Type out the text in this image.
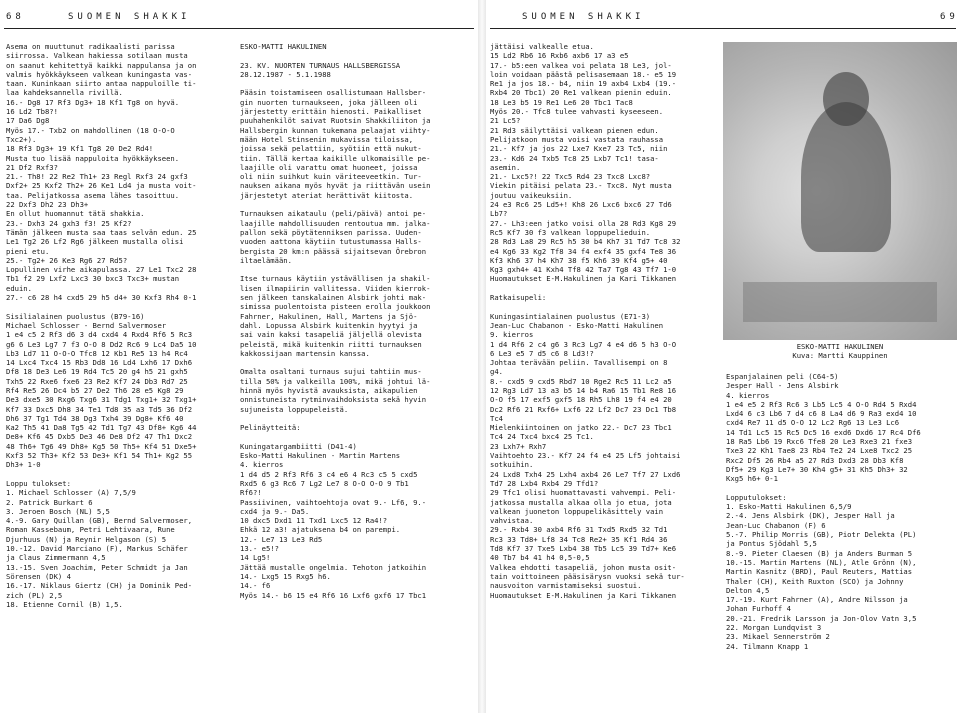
68	SUOMEN SHAKKI
Asema on muuttunut radikaalisti parissa
siirrossa. Valkean hakiessa sotilaan musta
on saanut kehitettyä kaikki nappulansa ja on
valmis hyökkäykseen valkean kuningasta vas-
taan. Kuninkaan siirto antaa nappuloille ti-
laa kahdeksannella rivillä.
16.- Dg8 17 Rf3 Dg3+ 18 Kf1 Tg8 on hyvä.
16 Ld2 Tb8?!
17 Da6 Dg8
Myös 17.- Txb2 on mahdollinen (18 O-O-O
Txc2+).
18 Rf3 Dg3+ 19 Kf1 Tg8 20 De2 Rd4!
Musta tuo lisää nappuloita hyökkäykseen.
21 Df2 Rxf3?
21.- Th8! 22 Re2 Th1+ 23 Regl Rxf3 24 gxf3
Dxf2+ 25 Kxf2 Th2+ 26 Ke1 Ld4 ja musta voit-
taa. Pelijatkossa asema lähes tasoittuu.
22 Dxf3 Dh2 23 Dh3+
En ollut huomannut tätä shakkia.
23.- Dxh3 24 gxh3 f3! 25 Kf2?
Tämän jälkeen musta saa taas selvän edun. 25
Le1 Tg2 26 Lf2 Rg6 jälkeen mustalla olisi
pieni etu.
25.- Tg2+ 26 Ke3 Rg6 27 Rd5?
Lopullinen virhe aikapulassa. 27 Le1 Txc2 28
Tb1 f2 29 Lxf2 Lxc3 30 bxc3 Txc3+ mustan
eduin.
27.- c6 28 h4 cxd5 29 h5 d4+ 30 Kxf3 Rh4 0-1
Sisilialainen puolustus (B79-16)
Michael Schlosser - Bernd Salvermoser
1 e4 c5 2 Rf3 d6 3 d4 cxd4 4 Rxd4 Rf6 5 Rc3
g6 6 Le3 Lg7 7 f3 O-O 8 Dd2 Rc6 9 Lc4 Da5 10
Lb3 Ld7 11 O-O-O Tfc8 12 Kb1 Re5 13 h4 Rc4
14 Lxc4 Txc4 15 Rb3 Dd8 16 Ld4 Lxh6 17 Dxh6
Df8 18 De3 Le6 19 Rd4 Tc5 20 g4 h5 21 gxh5
Txh5 22 Rxe6 fxe6 23 Re2 Kf7 24 Db3 Rd7 25
Rf4 Re5 26 Dc4 b5 27 De2 Th6 28 e5 Kg8 29
De3 dxe5 30 Rxg6 Txg6 31 Tdg1 Txg1+ 32 Txg1+
Kf7 33 Dxc5 Dh8 34 Te1 Td8 35 a3 Td5 36 Df2
Dh6 37 Tg1 Td4 38 Dg3 Txh4 39 Dg8+ Kf6 40
Ka2 Th5 41 Da8 Tg5 42 Td1 Tg7 43 Df8+ Kg6 44
De8+ Kf6 45 Dxb5 De3 46 De8 Df2 47 Th1 Dxc2
48 Th6+ Tg6 49 Dh8+ Kg5 50 Th5+ Kf4 51 Dxe5+
Kxf3 52 Th3+ Kf2 53 De3+ Kf1 54 Th1+ Kg2 55
Dh3+ 1-0
Loppu tulokset:
1. Michael Schlosser (A) 7,5/9
2. Patrick Burkart 6
3. Jeroen Bosch (NL) 5,5
4.-9. Gary Quillan (GB), Bernd Salvermoser,
Roman Kassebaum, Petri Lehtivaara, Rune
Djurhuus (N) ja Reynir Helgason (S) 5
10.-12. David Marciano (F), Markus Schäfer
ja Claus Zimmermann 4,5
13.-15. Sven Joachim, Peter Schmidt ja Jan
Sörensen (DK) 4
16.-17. Niklaus Giertz (CH) ja Dominik Ped-
zich (PL) 2,5
18. Etienne Cornil (B) 1,5.
ESKO-MATTI HAKULINEN
23. KV. NUORTEN TURNAUS HALLSBERGISSA
28.12.1987 - 5.1.1988
Pääsin toistamiseen osallistumaan Hallsber-
gin nuorten turnaukseen, joka jälleen oli
järjestetty erittäin hienosti. Paikalliset
puuhahenkilöt saivat Ruotsin Shakkiliiton ja
Hallsbergin kunnan tukemana pelaajat viihty-
mään Hotel Stinsenin mukavissa tiloissa,
joissa sekä pelattiin, syötiin että nukut-
tiin. Tällä kertaa kaikille ulkomaisille pe-
laajille oli varattu omat huoneet, joissa
oli niin suihkut kuin väriteeveetkin. Tur-
nauksen aikana myös hyvät ja riittävän usein
järjestetyt ateriat herättivät kiitosta.
Turnauksen aikataulu (peli/päivä) antoi pe-
laajille mahdollisuuden rentoutua mm. jalka-
pallon sekä pöytätenniksen parissa. Uuden-
vuoden aattona käytiin tutustumassa Halls-
bergista 20 km:n päässä sijaitsevan Örebron
iltaelämään.
Itse turnaus käytiin ystävällisen ja shakil-
lisen ilmapiirin vallitessa. Viiden kierrok-
sen jälkeen tanskalainen Alsbirk johti mak-
simissa puolentoista pisteen erolla joukkoon
Fahrner, Hakulinen, Hall, Martens ja Sjö-
dahl. Lopussa Alsbirk kuitenkin hyytyi ja
sai vain kaksi tasapeliä jäljellä olevista
peleistä, mikä kuitenkin riitti turnauksen
kakkossijaan martensin kanssa.
Omalta osaltani turnaus sujui tahtiin mus-
tilla 50% ja valkeilla 100%, mikä johtui lä-
hinnä myös hyvistä avauksista, aikapulien
onnistuneista rytminvaihdoksista sekä hyvin
sujuneista loppupeleistä.
Pelinäytteitä:
Kuningatargambiitti (D41-4)
Esko-Matti Hakulinen - Martin Martens
4. kierros
1 d4 d5 2 Rf3 Rf6 3 c4 e6 4 Rc3 c5 5 cxd5
Rxd5 6 g3 Rc6 7 Lg2 Le7 8 O-O O-O 9 Tb1
Rf6?!
Passiivinen, vaihtoehtoja ovat 9.- Lf6, 9.-
cxd4 ja 9.- Da5.
10 dxc5 Dxd1 11 Txd1 Lxc5 12 Ra4!?
Ehkä 12 a3! ajatuksena b4 on parempi.
12.- Le7 13 Le3 Rd5
13.- e5!?
14 Lg5!
Jättää mustalle ongelmia. Tehoton jatkoihin
14.- Lxg5 15 Rxg5 h6.
14.- f6
Myös 14.- b6 15 e4 Rf6 16 Lxf6 gxf6 17 Tbc1
SUOMEN SHAKKI	69
jättäisi valkealle etua.
15 Ld2 Rb6 16 Rxb6 axb6 17 a3 e5
17.- b5:een valkea voi pelata 18 Le3, jol-
loin voidaan päästä pelisasemaan 18.- e5 19
Re1 ja jos 18.- b4, niin 19 axb4 Lxb4 (19.-
Rxb4 20 Tbc1) 20 Re1 valkean pienin eduin.
18 Le3 b5 19 Re1 Le6 20 Tbc1 Tac8
Myös 20.- Tfc8 tulee vahvasti kyseeseen.
21 Lc5?
21 Rd3 säilyttäisi valkean pienen edun.
Pelijatkoon musta voisi vastata rauhassa
21.- Kf7 ja jos 22 Lxe7 Kxe7 23 Tc5, niin
23.- Kd6 24 Txb5 Tc8 25 Lxb7 Tc1! tasa-
asemin.
21.- Lxc5?! 22 Txc5 Rd4 23 Txc8 Lxc8?
Viekin pitäisi pelata 23.- Txc8. Nyt musta
joutuu vaikeuksiin.
24 e3 Rc6 25 Ld5+! Kh8 26 Lxc6 bxc6 27 Td6
Lb7?
27.- Lh3:een jatko voisi olla 28 Rd3 Kg8 29
Rc5 Kf7 30 f3 valkean loppupelieduin.
28 Rd3 La8 29 Rc5 h5 30 b4 Kh7 31 Td7 Tc8 32
e4 Kg6 33 Kg2 Tf8 34 f4 exf4 35 gxf4 Te8 36
Kf3 Kh6 37 h4 Kh7 38 f5 Kh6 39 Kf4 g5+ 40
Kg3 gxh4+ 41 Kxh4 Tf8 42 Ta7 Tg8 43 Tf7 1-0
Huomautukset E-M.Hakulinen ja Kari Tikkanen
Ratkaisupeli:
Kuningasintialainen puolustus (E71-3)
Jean-Luc Chabanon - Esko-Matti Hakulinen
9. kierros
1 d4 Rf6 2 c4 g6 3 Rc3 Lg7 4 e4 d6 5 h3 O-O
6 Le3 e5 7 d5 c6 8 Ld3!?
Johtaa terävään peliin. Tavallisempi on 8
g4.
8.- cxd5 9 cxd5 Rbd7 10 Rge2 Rc5 11 Lc2 a5
12 Rg3 Ld7 13 a3 b5 14 b4 Ra6 15 Tb1 Re8 16
O-O f5 17 exf5 gxf5 18 Rh5 Lh8 19 f4 e4 20
Dc2 Rf6 21 Rxf6+ Lxf6 22 Lf2 Dc7 23 Dc1 Tb8
Tc4
Mielenkiintoinen on jatko 22.- Dc7 23 Tbc1
Tc4 24 Txc4 bxc4 25 Tc1.
23 Lxh7+ Rxh7
Vaihtoehto 23.- Kf7 24 f4 e4 25 Lf5 johtaisi
sotkuihin.
24 Lxd8 Txh4 25 Lxh4 axb4 26 Le7 Tf7 27 Lxd6
Td7 28 Lxb4 Rxb4 29 Tfd1?
29 Tfc1 olisi huomattavasti vahvempi. Peli-
jatkossa mustalla alkaa olla jo etua, jota
valkean juoneton loppupelikäsittely vain
vahvistaa.
29.- Rxb4 30 axb4 Rf6 31 Txd5 Rxd5 32 Td1
Rc3 33 Td8+ Lf8 34 Tc8 Re2+ 35 Kf1 Rd4 36
Td8 Kf7 37 Txe5 Lxb4 38 Tb5 Lc5 39 Td7+ Ke6
40 Tb7 b4 41 h4 0,5-0,5
Valkea ehdotti tasapeliä, johon musta osit-
tain voittoineen pääsisärysn vuoksi sekä tur-
nausvoiton varmistamiseksi suostui.
Huomautukset E-M.Hakulinen ja Kari Tikkanen
ESKO-MATTI HAKULINEN
Kuva: Martti Kauppinen
Espanjalainen peli (C64-5)
Jesper Hall - Jens Alsbirk
4. kierros
1 e4 e5 2 Rf3 Rc6 3 Lb5 Lc5 4 O-O Rd4 5 Rxd4
Lxd4 6 c3 Lb6 7 d4 c6 8 La4 d6 9 Ra3 exd4 10
cxd4 Re7 11 d5 O-O 12 Lc2 Rg6 13 Le3 Lc6
14 Td1 Lc5 15 Rc5 Dc5 16 exd6 Dxd6 17 Rc4 Df6
18 Ra5 Lb6 19 Rxc6 Tfe8 20 Le3 Rxe3 21 fxe3
Txe3 22 Kh1 Tae8 23 Rb4 Te2 24 Lxe8 Txc2 25
Rxc2 Df5 26 Rb4 a5 27 Rd3 Dxd3 28 Db3 Kf8
Df5+ 29 Kg3 Le7+ 30 Kh4 g5+ 31 Kh5 Dh3+ 32
Kxg5 h6+ 0-1
Lopputulokset:
1. Esko-Matti Hakulinen 6,5/9
2.-4. Jens Alsbirk (DK), Jesper Hall ja
Jean-Luc Chabanon (F) 6
5.-7. Philip Morris (GB), Piotr Delekta (PL)
ja Pontus Sjödahl 5,5
8.-9. Pieter Claesen (B) ja Anders Burman 5
10.-15. Martin Martens (NL), Atle Grönn (N),
Martin Kasnitz (BRD), Paul Reuters, Mattias
Thaler (CH), Keith Ruxton (SCO) ja Johnny
Delton 4,5
17.-19. Kurt Fahrner (A), Andre Nilsson ja
Johan Furhoff 4
20.-21. Fredrik Larsson ja Jon-Olov Vatn 3,5
22. Morgan Lundqvist 3
23. Mikael Sennerström 2
24. Tilmann Knapp 1
